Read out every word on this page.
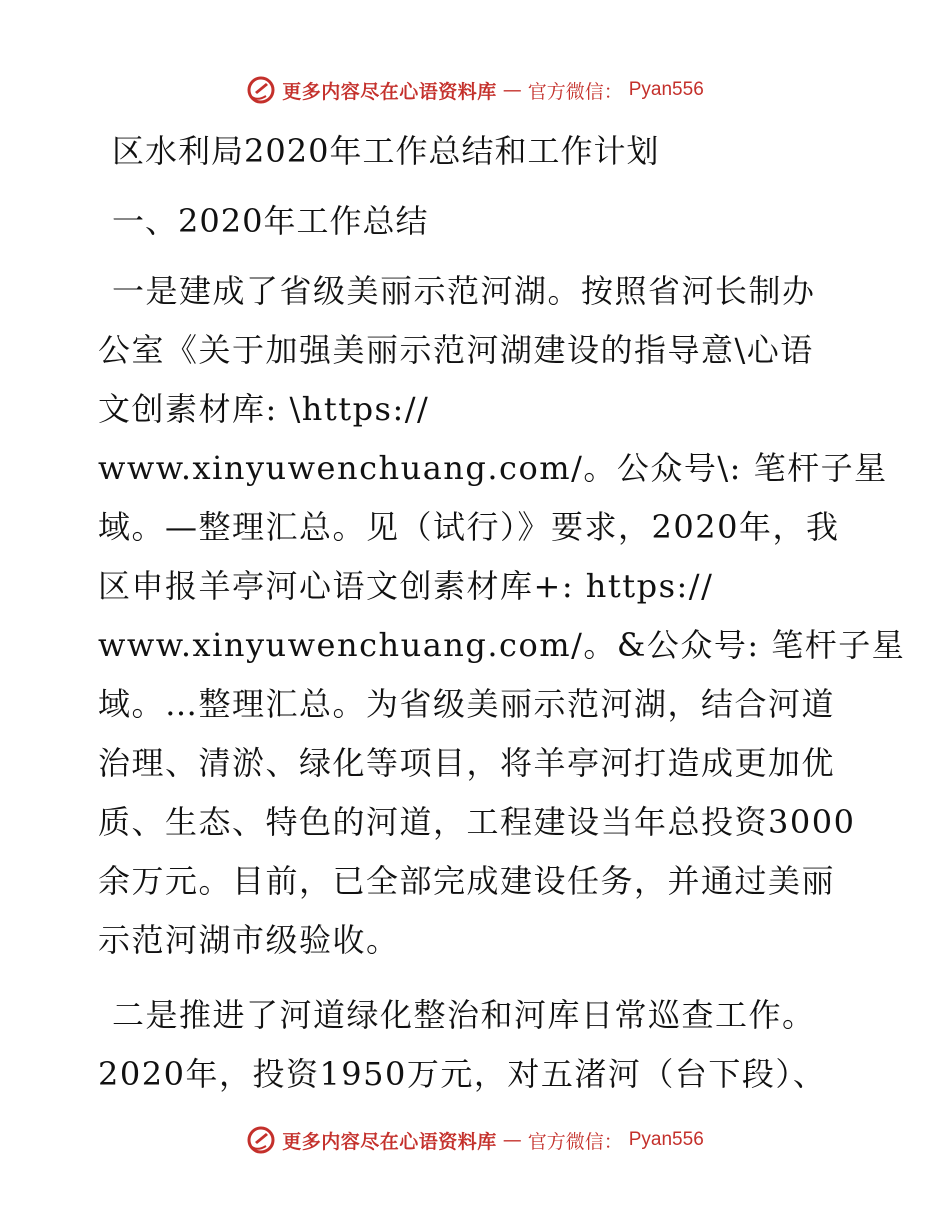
更多内容尽在心语资料库 — 官方微信： Pyan556
区水利局2020年工作总结和工作计划
一、2020年工作总结
一是建成了省级美丽示范河湖。按照省河长制办
公室《关于加强美丽示范河湖建设的指导意\心语
文创素材库: \https://
www.xinyuwenchuang.com/。公众号\: 笔杆子星
域。—整理汇总。见（试行）》要求，2020年，我
区申报羊亭河心语文创素材库+: https://
www.xinyuwenchuang.com/。&公众号: 笔杆子星
域。…整理汇总。为省级美丽示范河湖，结合河道
治理、清淤、绿化等项目，将羊亭河打造成更加优
质、生态、特色的河道，工程建设当年总投资3000
余万元。目前，已全部完成建设任务，并通过美丽
示范河湖市级验收。
二是推进了河道绿化整治和河库日常巡查工作。
2020年，投资1950万元，对五渚河（台下段）、
更多内容尽在心语资料库 — 官方微信： Pyan556
